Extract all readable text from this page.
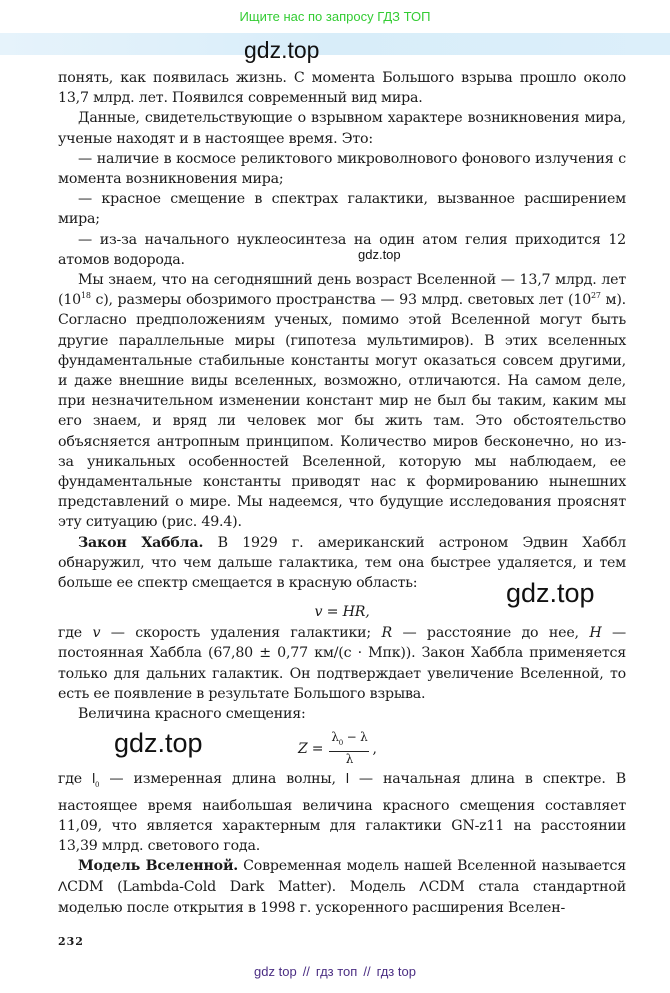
Ищите нас по запросу ГДЗ ТОП
gdz.top
gdz.top
gdz.top
gdz.top

понять, как появилась жизнь. С момента Большого взрыва прошло около 13,7 млрд. лет. Появился современный вид мира.

Данные, свидетельствующие о взрывном характере возникновения мира, ученые находят и в настоящее время. Это:

— наличие в космосе реликтового микроволнового фонового излучения с момента возникновения мира;

— красное смещение в спектрах галактики, вызванное расширением мира;

— из-за начального нуклеосинтеза на один атом гелия приходится 12 атомов водорода.

Мы знаем, что на сегодняшний день возраст Вселенной — 13,7 млрд. лет ($10^{18}$ с), размеры обозримого пространства — 93 млрд. световых лет ($10^{27}$ м). Согласно предположениям ученых, помимо этой Вселенной могут быть другие параллельные миры (гипотеза мультимиров). В этих вселенных фундаментальные стабильные константы могут оказаться совсем другими, и даже внешние виды вселенных, возможно, отличаются. На самом деле, при незначительном изменении констант мир не был бы таким, каким мы его знаем, и вряд ли человек мог бы жить там. Это обстоятельство объясняется антропным принципом. Количество миров бесконечно, но из-за уникальных особенностей Вселенной, которую мы наблюдаем, ее фундаментальные константы приводят нас к формированию нынешних представлений о мире. Мы надеемся, что будущие исследования прояснят эту ситуацию (рис. 49.4).

Закон Хаббла. В 1929 г. американский астроном Эдвин Хаббл обнаружил, что чем дальше галактика, тем она быстрее удаляется, и тем больше ее спектр смещается в красную область:

v = HR,

где v — скорость удаления галактики; R — расстояние до нее, H — постоянная Хаббла (67,80 ± 0,77 км/(с · Мпк)). Закон Хаббла применяется только для дальних галактик. Он подтверждает увеличение Вселенной, то есть ее появление в результате Большого взрыва.

Величина красного смещения:

$Z = \frac{\lambda_0 - \lambda}{\lambda}$ ,

где $l_0$ — измеренная длина волны, l — начальная длина в спектре. В настоящее время наибольшая величина красного смещения составляет 11,09, что является характерным для галактики GN-z11 на расстоянии 13,39 млрд. светового года.

Модель Вселенной. Современная модель нашей Вселенной называется ΛCDM (Lambda-Cold Dark Matter). Модель ΛCDM стала стандартной моделью после открытия в 1998 г. ускоренного расширения Вселен-

232
gdz top // гдз топ // гдз top
